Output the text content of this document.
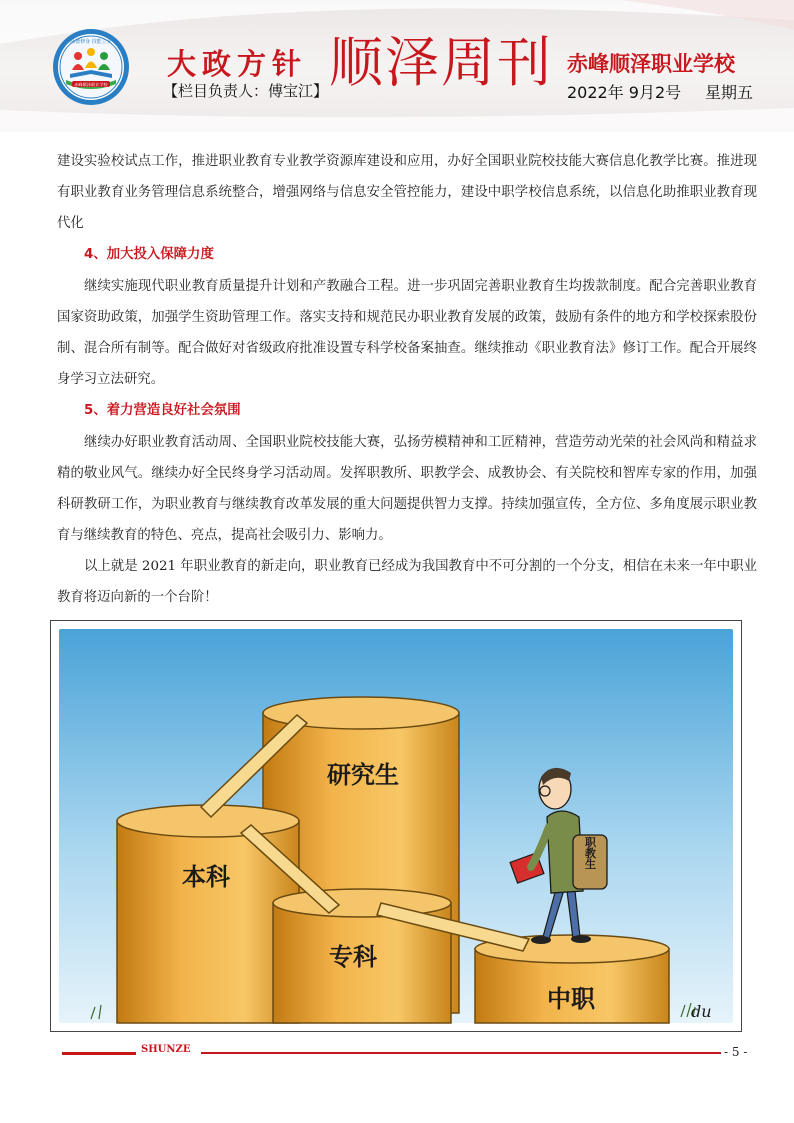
赤峰顺泽职业学校
品德修身 技能立业
大政方针
【栏目负责人：傅宝江】 顺泽周刊 赤峰顺泽职业学校
2022年 9月2号 星期五

建设实验校试点工作，推进职业教育专业教学资源库建设和应用，办好全国职业院校技能大赛信息化教学比赛。推进现有职业教育业务管理信息系统整合，增强网络与信息安全管控能力，建设中职学校信息系统，以信息化助推职业教育现代化

4、加大投入保障力度

继续实施现代职业教育质量提升计划和产教融合工程。进一步巩固完善职业教育生均拨款制度。配合完善职业教育国家资助政策，加强学生资助管理工作。落实支持和规范民办职业教育发展的政策，鼓励有条件的地方和学校探索股份制、混合所有制等。配合做好对省级政府批准设置专科学校备案抽查。继续推动《职业教育法》修订工作。配合开展终身学习立法研究。

5、着力营造良好社会氛围

继续办好职业教育活动周、全国职业院校技能大赛，弘扬劳模精神和工匠精神，营造劳动光荣的社会风尚和精益求精的敬业风气。继续办好全民终身学习活动周。发挥职教所、职教学会、成教协会、有关院校和智库专家的作用，加强科研教研工作，为职业教育与继续教育改革发展的重大问题提供智力支撑。持续加强宣传，全方位、多角度展示职业教育与继续教育的特色、亮点，提高社会吸引力、影响力。

以上就是 2021 年职业教育的新走向，职业教育已经成为我国教育中不可分割的一个分支，相信在未来一年中职业教育将迈向新的一个台阶！

研究生
本科
专科
中职
职教生
du
SHUNZE	- 5 -
